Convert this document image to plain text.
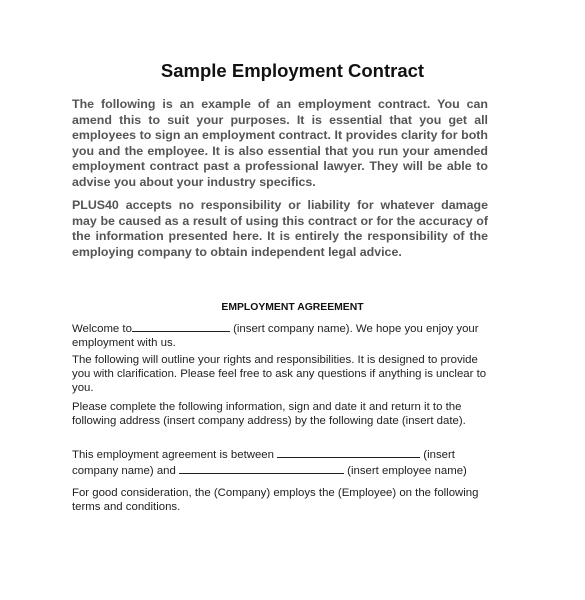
Sample Employment Contract

The following is an example of an employment contract. You can amend this to suit your purposes. It is essential that you get all employees to sign an employment contract. It provides clarity for both you and the employee. It is also essential that you run your amended employment contract past a professional lawyer. They will be able to advise you about your industry specifics.

PLUS40 accepts no responsibility or liability for whatever damage may be caused as a result of using this contract or for the accuracy of the information presented here. It is entirely the responsibility of the employing company to obtain independent legal advice.

EMPLOYMENT AGREEMENT

Welcome to	(insert company name). We hope you enjoy your employment with us.

The following will outline your rights and responsibilities. It is designed to provide you with clarification. Please feel free to ask any questions if anything is unclear to you.

Please complete the following information, sign and date it and return it to the following address (insert company address) by the following date (insert date).

This employment agreement is between	(insert company name) and	(insert employee name)

For good consideration, the (Company) employs the (Employee) on the following terms and conditions.
